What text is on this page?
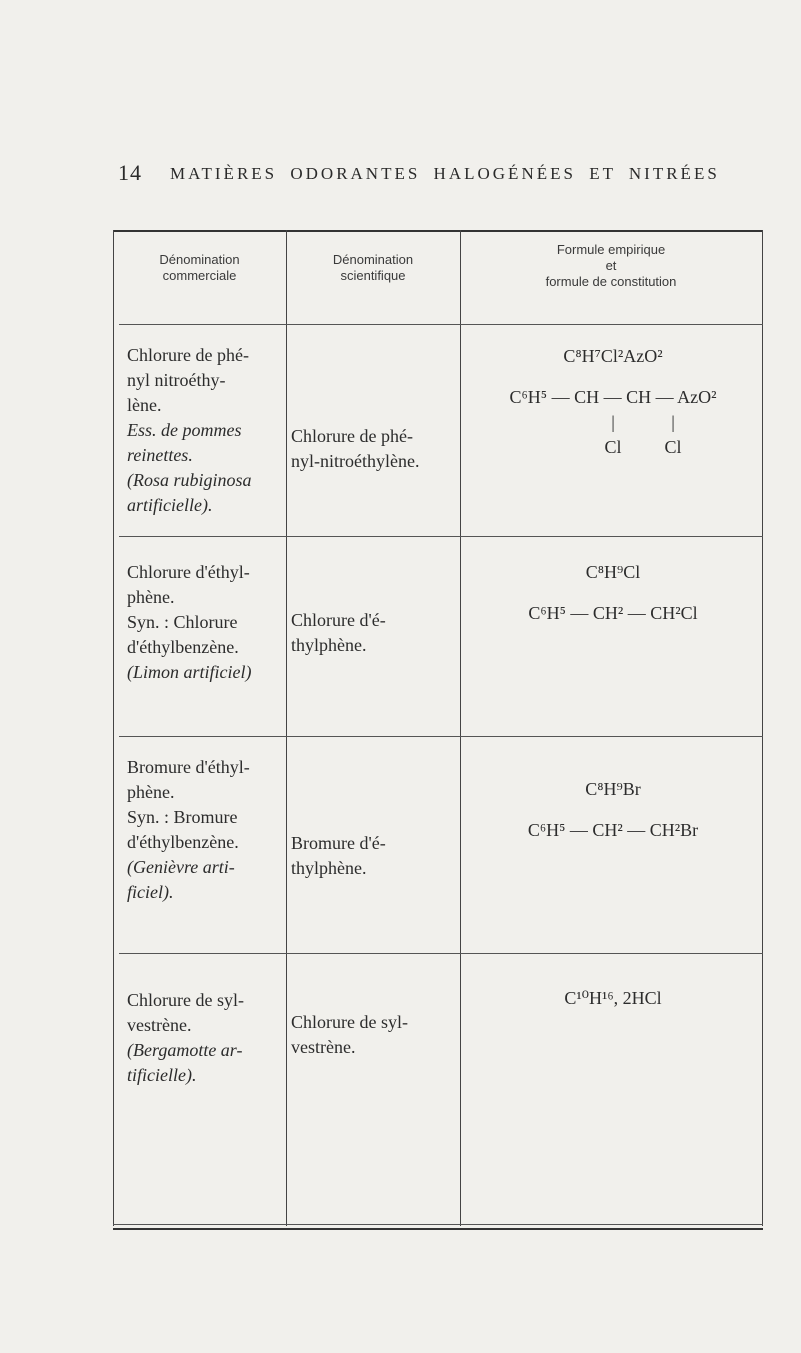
14 MATIÈRES ODORANTES HALOGÉNÉES ET NITRÉES
Dénomination
commerciale
Dénomination
scientifique
Formule empirique
et
formule de constitution
Chlorure de phé-
nyl nitroéthy-
lène.
Ess. de pommes
reinettes.
(Rosa rubiginosa
artificielle).
Chlorure de phé-
nyl-nitroéthylène.
C⁸H⁷Cl²AzO²
C⁶H⁵ — CH — CH — AzO²
|	|
Cl Cl
Chlorure d'éthyl-
phène.
Syn. : Chlorure
d'éthylbenzène.
(Limon artificiel)
Chlorure d'é-
thylphène.
C⁸H⁹Cl
C⁶H⁵ — CH² — CH²Cl
Bromure d'éthyl-
phène.
Syn. : Bromure
d'éthylbenzène.
(Genièvre arti-
ficiel).
Bromure d'é-
thylphène.
C⁸H⁹Br
C⁶H⁵ — CH² — CH²Br
Chlorure de syl-
vestrène.
(Bergamotte ar-
tificielle).
Chlorure de syl-
vestrène.
C¹⁰H¹⁶, 2HCl
